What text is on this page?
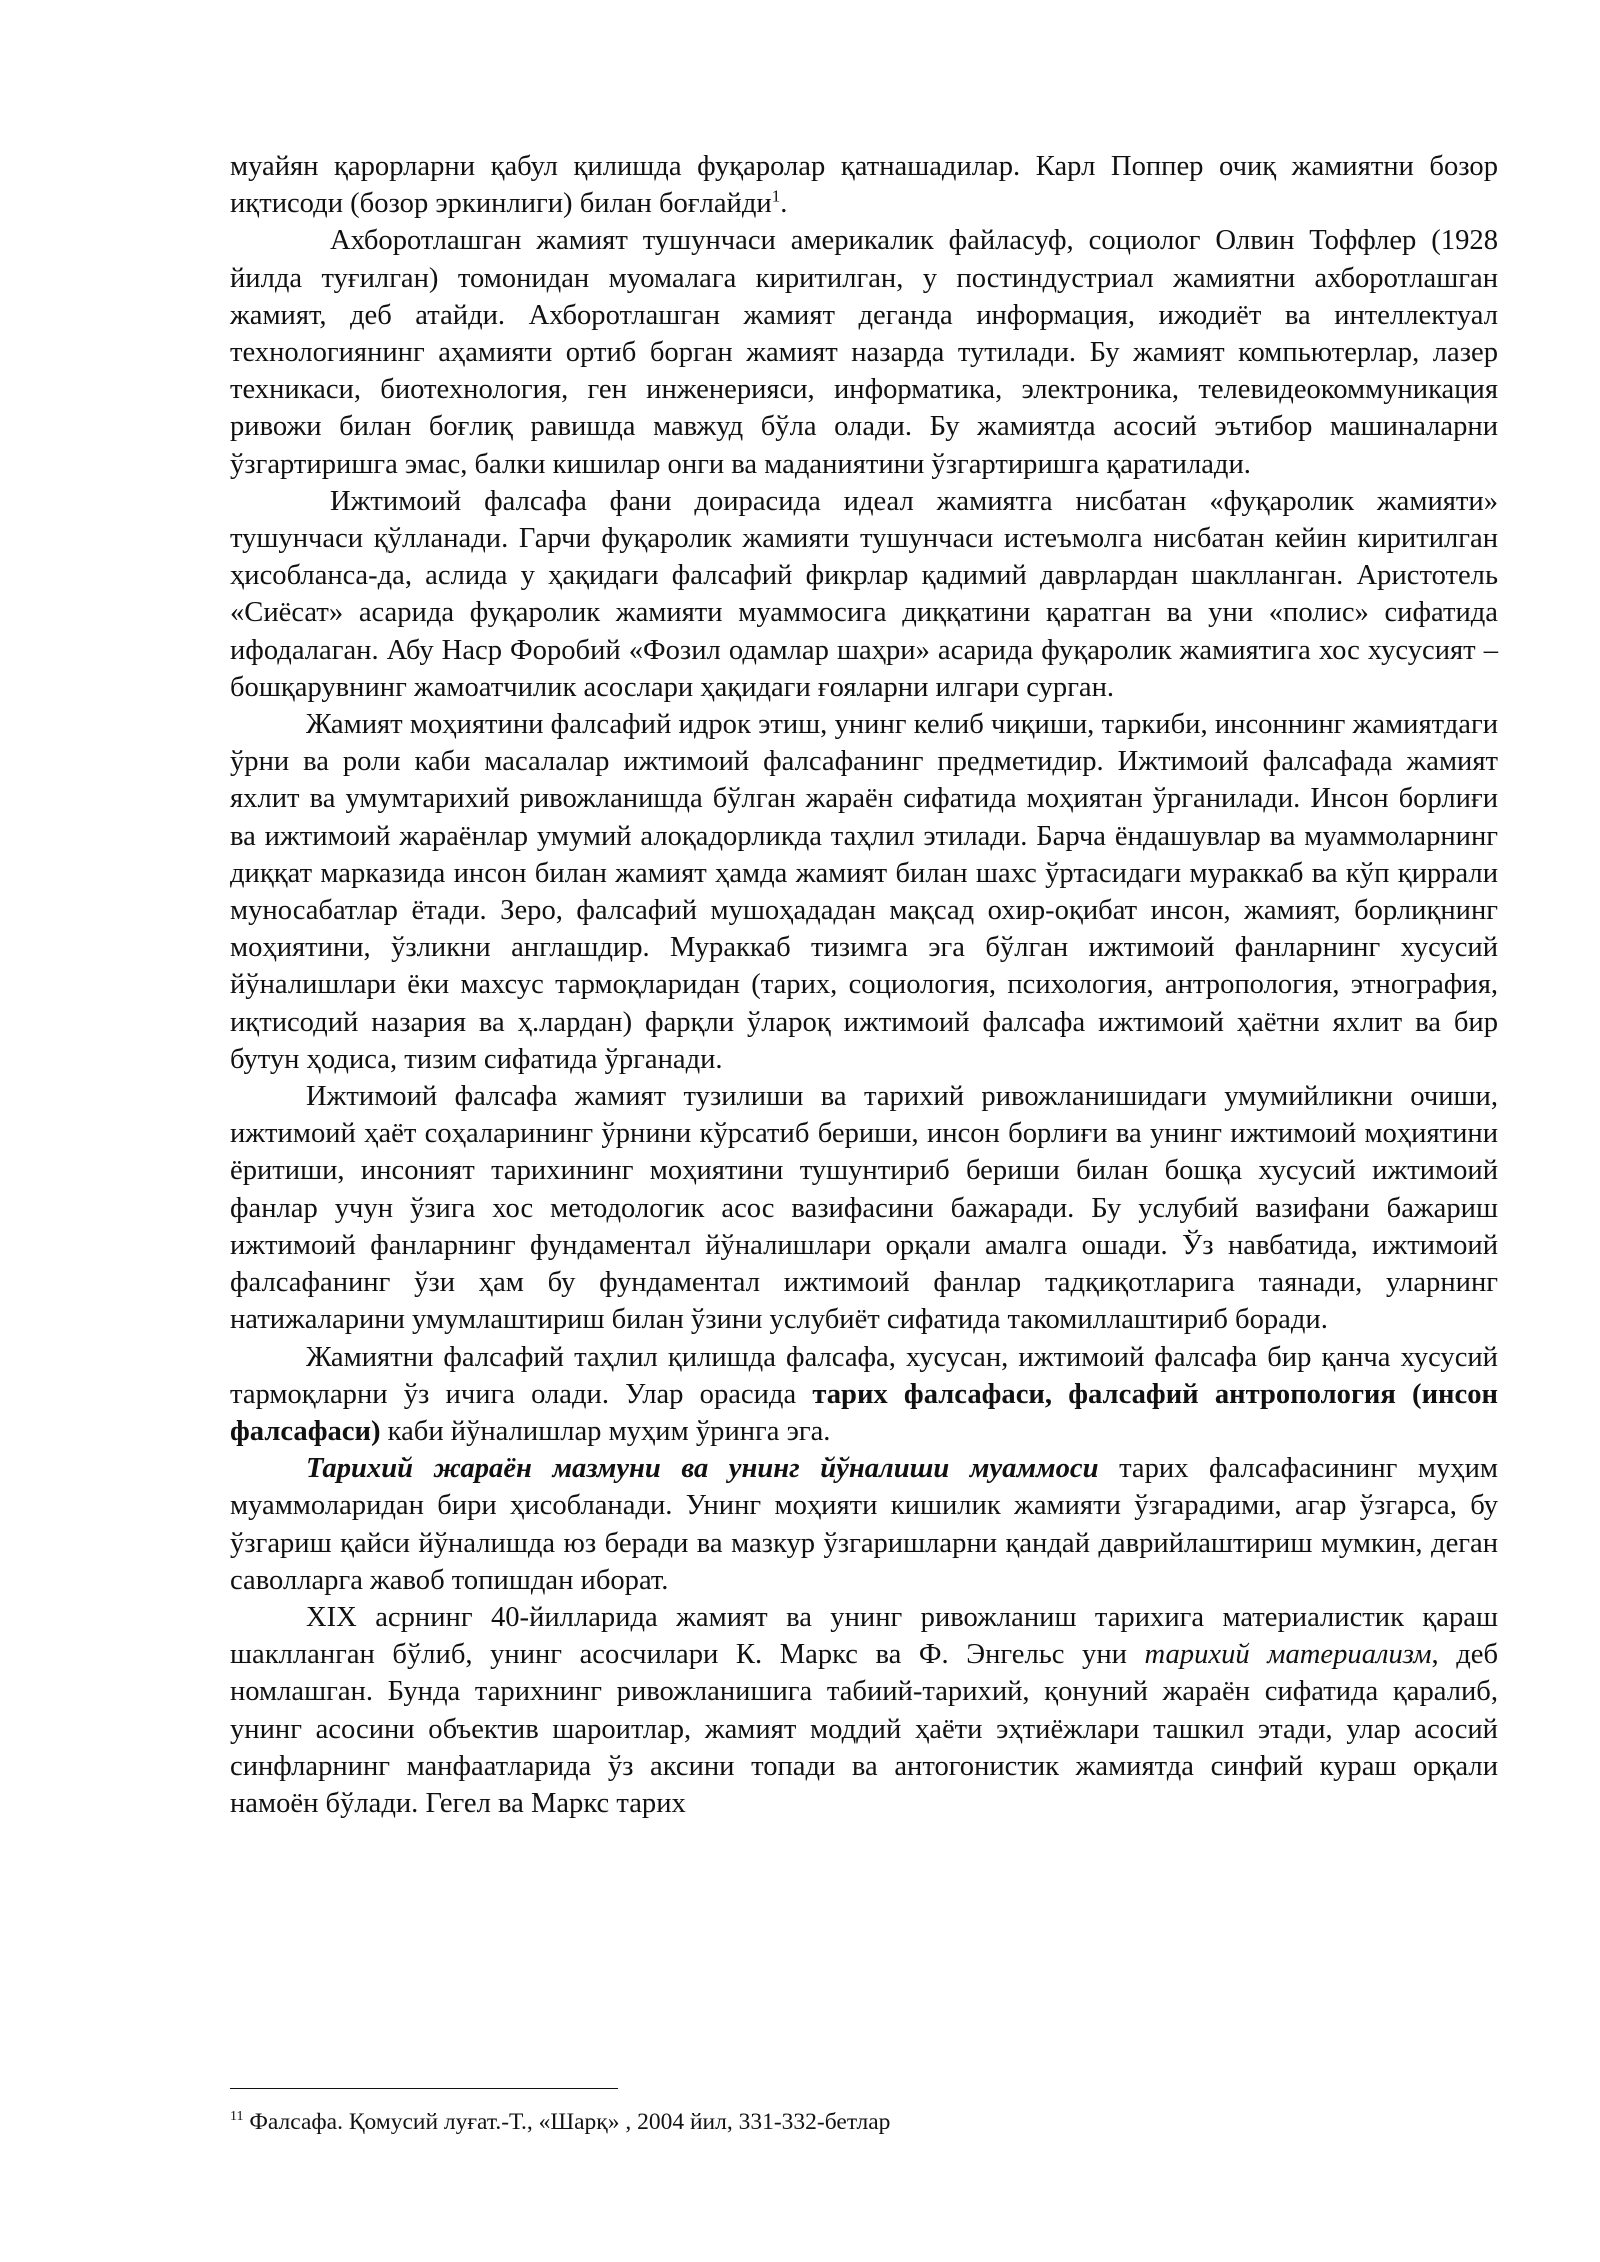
муайян қарорларни қабул қилишда фуқаролар қатнашадилар. Карл Поппер очиқ жамиятни бозор иқтисоди (бозор эркинлиги) билан боғлайди$^1$.

Ахборотлашган жамият тушунчаси америкалик файласуф, социолог Олвин Тоффлер (1928 йилда туғилган) томонидан муомалага киритилган, у постиндустриал жамиятни ахборотлашган жамият, деб атайди. Ахборотлашган жамият деганда информация, ижодиёт ва интеллектуал технологиянинг аҳамияти ортиб борган жамият назарда тутилади. Бу жамият компьютерлар, лазер техникаси, биотехнология, ген инженерияси, информатика, электроника, телевидеокоммуникация ривожи билан боғлиқ равишда мавжуд бўла олади. Бу жамиятда асосий эътибор машиналарни ўзгартиришга эмас, балки кишилар онги ва маданиятини ўзгартиришга қаратилади.

Ижтимоий фалсафа фани доирасида идеал жамиятга нисбатан «фуқаролик жамияти» тушунчаси қўлланади. Гарчи фуқаролик жамияти тушунчаси истеъмолга нисбатан кейин киритилган ҳисоблансa-да, аслида у ҳақидаги фалсафий фикрлар қадимий даврлардан шаклланган. Аристотель «Сиёсат» асарида фуқаролик жамияти муаммосига диққатини қаратган ва уни «полис» сифатида ифодалаган. Абу Наср Форобий «Фозил одамлар шаҳри» асарида фуқаролик жамиятига хос хусусият – бошқарувнинг жамоатчилик асослари ҳақидаги ғояларни илгари сурган.

Жамият моҳиятини фалсафий идрок этиш, унинг келиб чиқиши, таркиби, инсоннинг жамиятдаги ўрни ва роли каби масалалар ижтимоий фалсафанинг предметидир. Ижтимоий фалсафада жамият яхлит ва умумтарихий ривожланишда бўлган жараён сифатида моҳиятан ўрганилади. Инсон борлиғи ва ижтимоий жараёнлар умумий алоқадорликда таҳлил этилади. Барча ёндашувлар ва муаммоларнинг диққат марказида инсон билан жамият ҳамда жамият билан шахс ўртасидаги мураккаб ва кўп қиррали муносабатлар ётади. Зеро, фалсафий мушоҳададан мақсад охир-оқибат инсон, жамият, борлиқнинг моҳиятини, ўзликни англашдир. Мураккаб тизимга эга бўлган ижтимоий фанларнинг хусусий йўналишлари ёки махсус тармоқларидан (тарих, социология, психология, антропология, этнография, иқтисодий назария ва ҳ.лардан) фарқли ўлароқ ижтимоий фалсафа ижтимоий ҳаётни яхлит ва бир бутун ҳодиса, тизим сифатида ўрганади.

Ижтимоий фалсафа жамият тузилиши ва тарихий ривожланишидаги умумийликни очиши, ижтимоий ҳаёт соҳаларининг ўрнини кўрсатиб бериши, инсон борлиғи ва унинг ижтимоий моҳиятини ёритиши, инсоният тарихининг моҳиятини тушунтириб бериши билан бошқа хусусий ижтимоий фанлар учун ўзига хос методологик асос вазифасини бажаради. Бу услубий вазифани бажариш ижтимоий фанларнинг фундаментал йўналишлари орқали амалга ошади. Ўз навбатида, ижтимоий фалсафанинг ўзи ҳам бу фундаментал ижтимоий фанлар тадқиқотларига таянади, уларнинг натижаларини умумлаштириш билан ўзини услубиёт сифатида такомиллаштириб боради.

Жамиятни фалсафий таҳлил қилишда фалсафа, хусусан, ижтимоий фалсафа бир қанча хусусий тармоқларни ўз ичига олади. Улар орасида тарих фалсафаси, фалсафий антропология (инсон фалсафаси) каби йўналишлар муҳим ўринга эга.

Тарихий жараён мазмуни ва унинг йўналиши муаммоси тарих фалсафасининг муҳим муаммоларидан бири ҳисобланади. Унинг моҳияти кишилик жамияти ўзгарадими, агар ўзгарса, бу ўзгариш қайси йўналишда юз беради ва мазкур ўзгаришларни қандай даврийлаштириш мумкин, деган саволларга жавоб топишдан иборат.

XIX асрнинг 40-йилларида жамият ва унинг ривожланиш тарихига материалистик қараш шаклланган бўлиб, унинг асосчилари К. Маркс ва Ф. Энгельс уни тарихий материализм, деб номлашган. Бунда тарихнинг ривожланишига табиий-тарихий, қонуний жараён сифатида қаралиб, унинг асосини объектив шароитлар, жамият моддий ҳаёти эҳтиёжлари ташкил этади, улар асосий синфларнинг манфаатларида ўз аксини топади ва антогонистик жамиятда синфий кураш орқали намоён бўлади. Гегел ва Маркс тарих

$^{11}$ Фалсафа. Қомусий луғат.-Т., «Шарқ» , 2004 йил, 331-332-бетлар
